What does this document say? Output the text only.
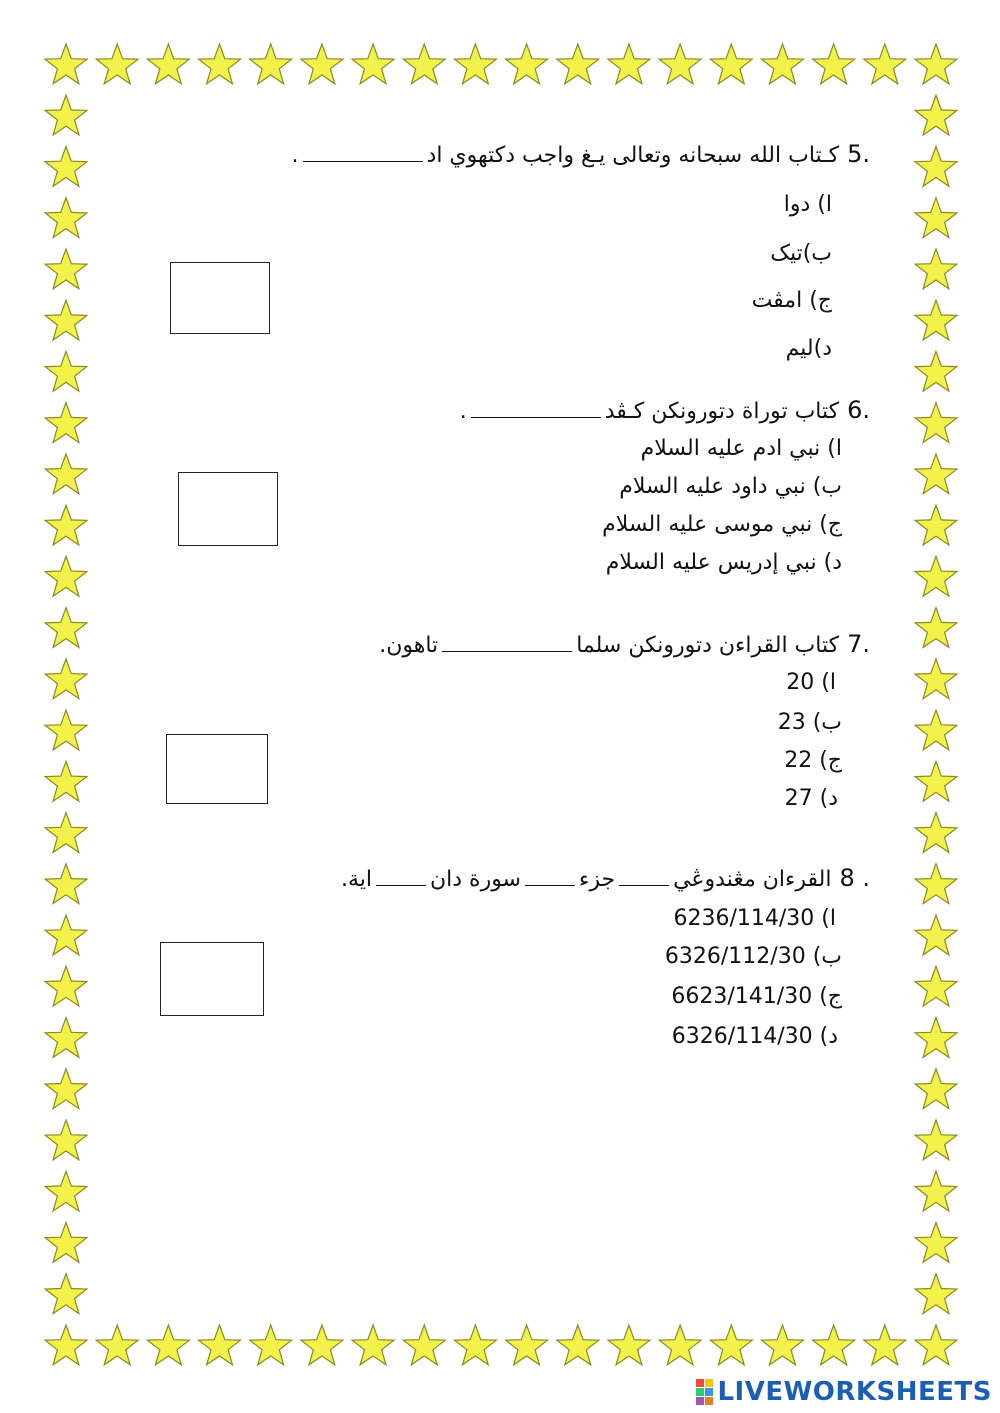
5.
كـتاب الله سبحانه وتعالى يـغ واجب دكتهوي اد
.
ا) دوا
ب)تيک
ج) امڤت
د)ليم
6.
كتاب توراة دتورونکن کـڤد
.
ا) نبي ادم عليه السلام
ب) نبي داود عليه السلام
ج) نبي موسى عليه السلام
د) نبي إدريس عليه السلام
7.
كتاب القراءن دتورونکن سلما
تاهون.
ا) 20
ب) 23
ج) 22
د) 27
8 .
القرءان مڠندوڠي
جزء
سورة دان
اية.
ا) 6236/114/30
ب) 6326/112/30
ج) 6623/141/30
د) 6326/114/30
LIVEWORKSHEETS
